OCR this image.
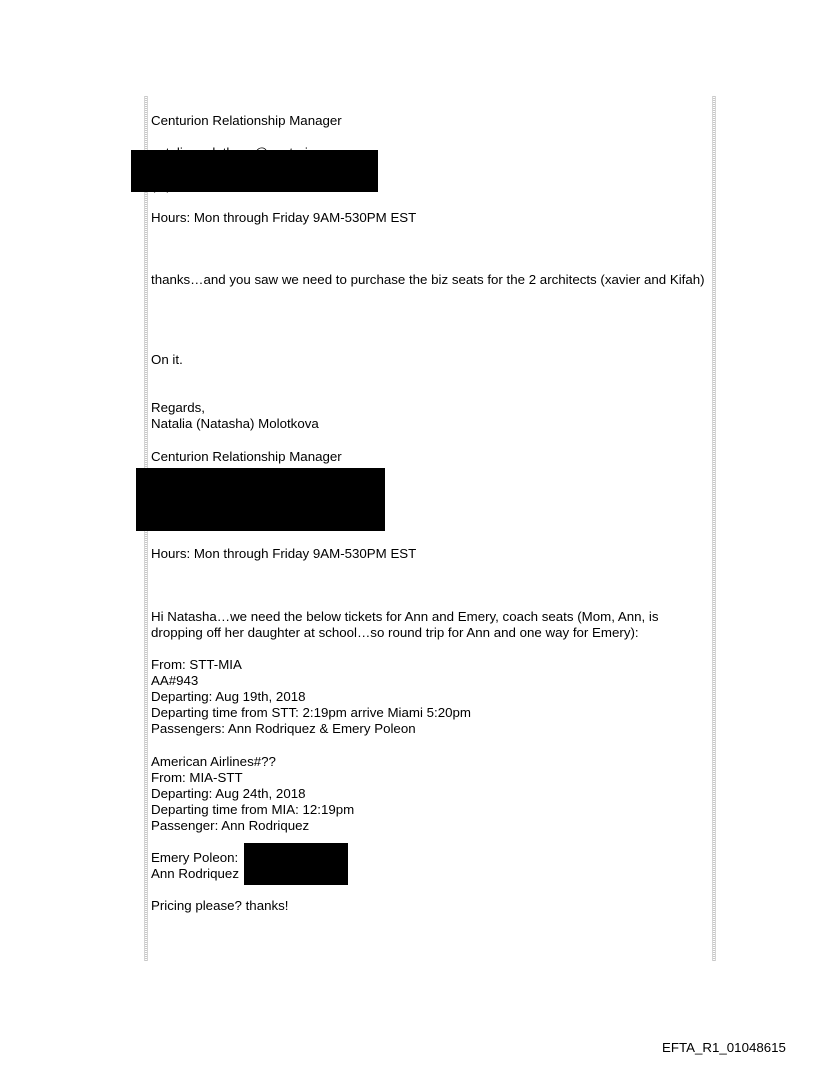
Centurion Relationship Manager
Hours: Mon through Friday 9AM-530PM EST
thanks…and you saw we need to purchase the biz seats for the 2 architects (xavier and Kifah)
On it.
Regards,
Natalia (Natasha) Molotkova
Centurion Relationship Manager
Hours: Mon through Friday 9AM-530PM EST
Hi Natasha…we need the below tickets for Ann and Emery, coach seats (Mom, Ann, is dropping off her daughter at school…so round trip for Ann and one way for Emery):
From: STT-MIA
AA#943
Departing: Aug 19th, 2018
Departing time from STT: 2:19pm arrive Miami 5:20pm
Passengers: Ann Rodriquez & Emery Poleon
American Airlines#??
From: MIA-STT
Departing: Aug 24th, 2018
Departing time from MIA: 12:19pm
Passenger: Ann Rodriquez
Emery Poleon:
Ann Rodriquez
Pricing please? thanks!
EFTA_R1_01048615
